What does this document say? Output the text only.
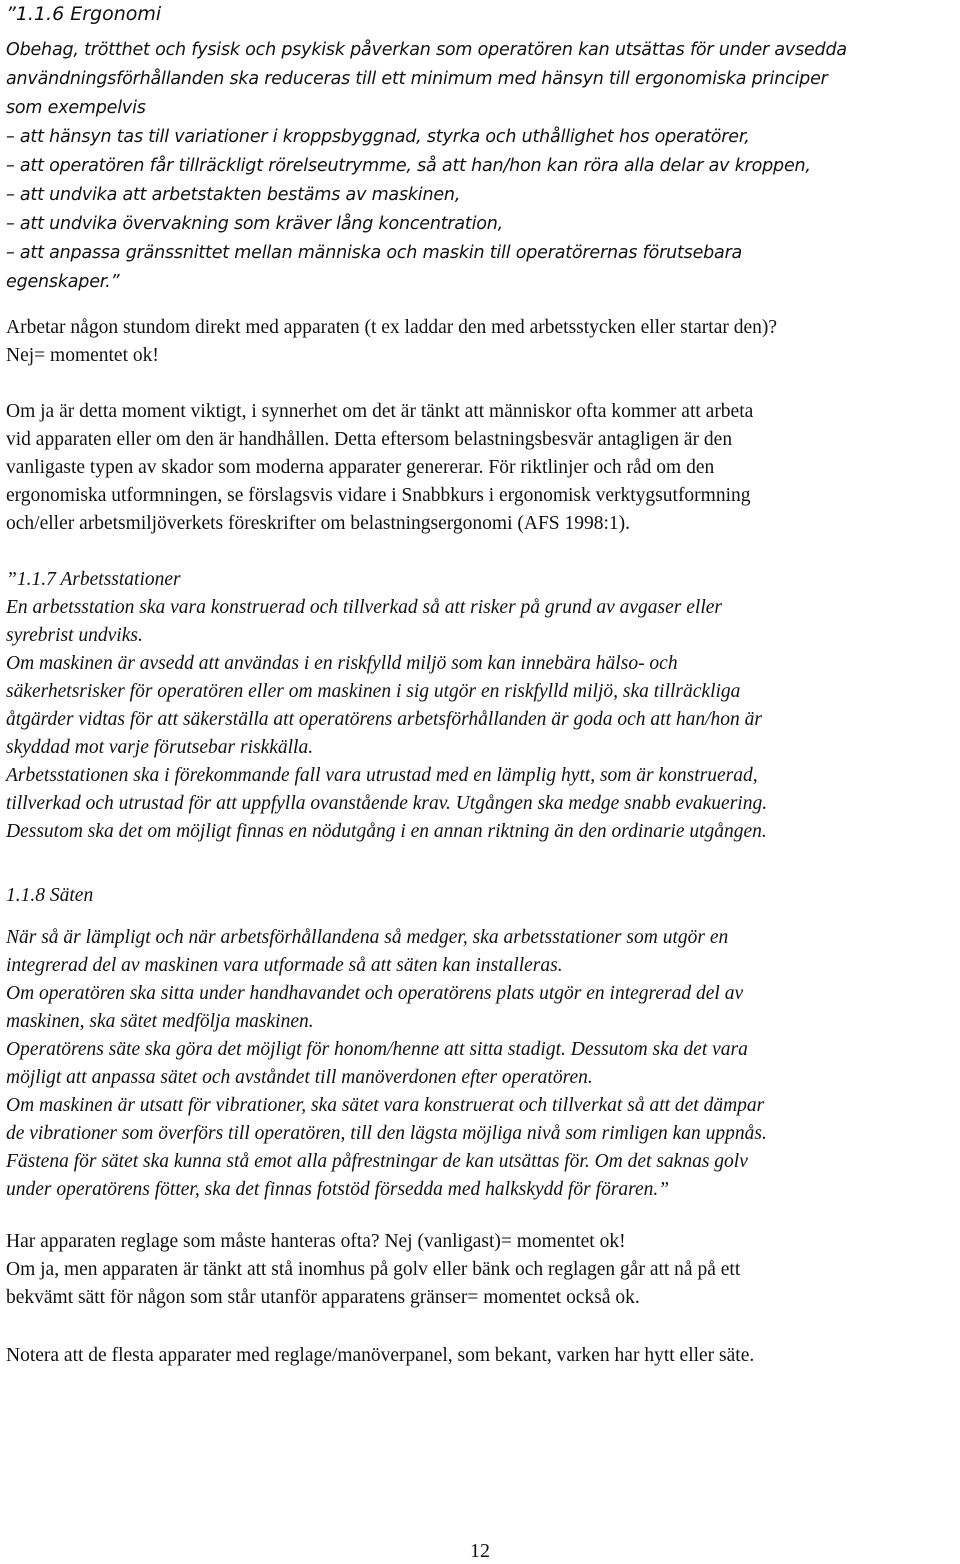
”1.1.6 Ergonomi
Obehag, trötthet och fysisk och psykisk påverkan som operatören kan utsättas för under avsedda
användningsförhållanden ska reduceras till ett minimum med hänsyn till ergonomiska principer
som exempelvis
– att hänsyn tas till variationer i kroppsbyggnad, styrka och uthållighet hos operatörer,
– att operatören får tillräckligt rörelseutrymme, så att han/hon kan röra alla delar av kroppen,
– att undvika att arbetstakten bestäms av maskinen,
– att undvika övervakning som kräver lång koncentration,
– att anpassa gränssnittet mellan människa och maskin till operatörernas förutsebara
egenskaper.”
Arbetar någon stundom direkt med apparaten (t ex laddar den med arbetsstycken eller startar den)?
Nej= momentet ok!
Om ja är detta moment viktigt, i synnerhet om det är tänkt att människor ofta kommer att arbeta
vid apparaten eller om den är handhållen. Detta eftersom belastningsbesvär antagligen är den
vanligaste typen av skador som moderna apparater genererar. För riktlinjer och råd om den
ergonomiska utformningen, se förslagsvis vidare i Snabbkurs i ergonomisk verktygsutformning
och/eller arbetsmiljöverkets föreskrifter om belastningsergonomi (AFS 1998:1).
”1.1.7 Arbetsstationer
En arbetsstation ska vara konstruerad och tillverkad så att risker på grund av avgaser eller
syrebrist undviks.
Om maskinen är avsedd att användas i en riskfylld miljö som kan innebära hälso- och
säkerhetsrisker för operatören eller om maskinen i sig utgör en riskfylld miljö, ska tillräckliga
åtgärder vidtas för att säkerställa att operatörens arbetsförhållanden är goda och att han/hon är
skyddad mot varje förutsebar riskkälla.
Arbetsstationen ska i förekommande fall vara utrustad med en lämplig hytt, som är konstruerad,
tillverkad och utrustad för att uppfylla ovanstående krav. Utgången ska medge snabb evakuering.
Dessutom ska det om möjligt finnas en nödutgång i en annan riktning än den ordinarie utgången.
1.1.8 Säten
När så är lämpligt och när arbetsförhållandena så medger, ska arbetsstationer som utgör en
integrerad del av maskinen vara utformade så att säten kan installeras.
Om operatören ska sitta under handhavandet och operatörens plats utgör en integrerad del av
maskinen, ska sätet medfölja maskinen.
Operatörens säte ska göra det möjligt för honom/henne att sitta stadigt. Dessutom ska det vara
möjligt att anpassa sätet och avståndet till manöverdonen efter operatören.
Om maskinen är utsatt för vibrationer, ska sätet vara konstruerat och tillverkat så att det dämpar
de vibrationer som överförs till operatören, till den lägsta möjliga nivå som rimligen kan uppnås.
Fästena för sätet ska kunna stå emot alla påfrestningar de kan utsättas för. Om det saknas golv
under operatörens fötter, ska det finnas fotstöd försedda med halkskydd för föraren.”
Har apparaten reglage som måste hanteras ofta? Nej (vanligast)= momentet ok!
Om ja, men apparaten är tänkt att stå inomhus på golv eller bänk och reglagen går att nå på ett
bekvämt sätt för någon som står utanför apparatens gränser= momentet också ok.

Notera att de flesta apparater med reglage/manöverpanel, som bekant, varken har hytt eller säte.

12
